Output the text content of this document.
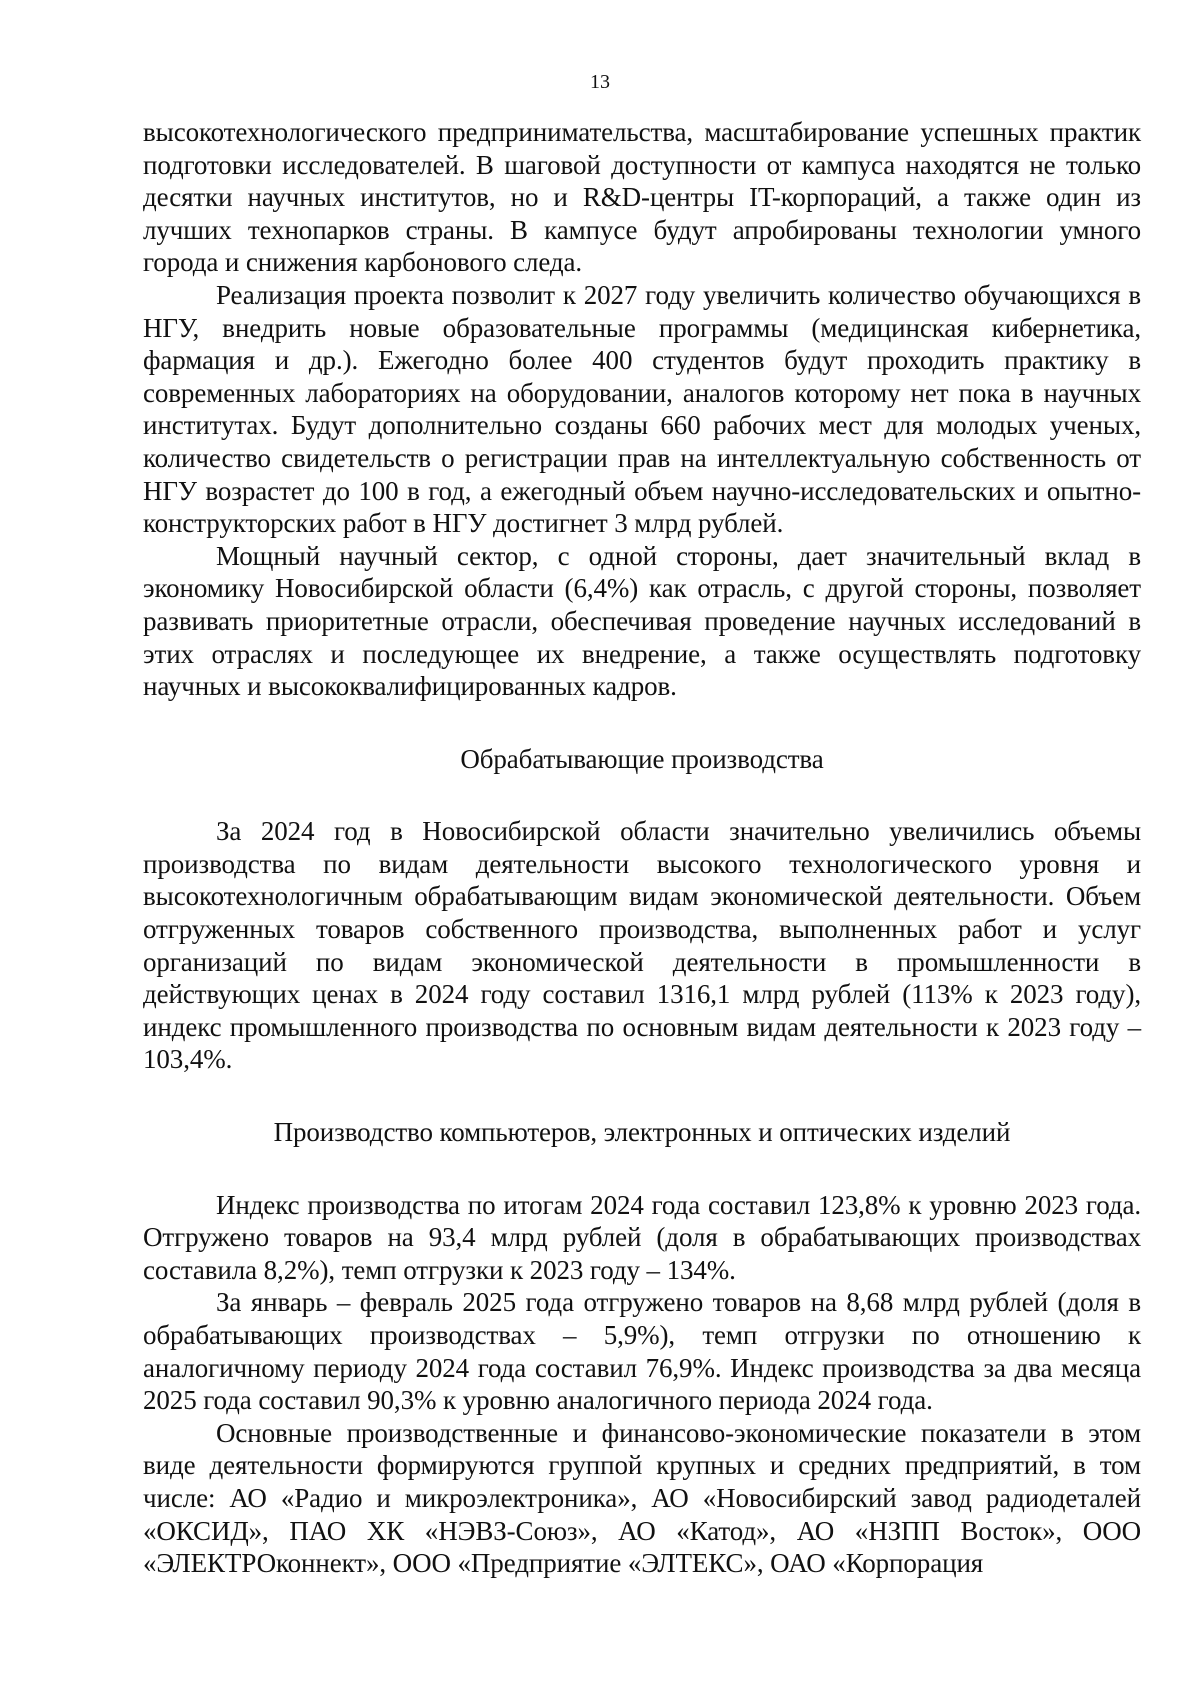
13

высокотехнологического предпринимательства, масштабирование успешных практик подготовки исследователей. В шаговой доступности от кампуса находятся не только десятки научных институтов, но и R&D-центры IT-корпораций, а также один из лучших технопарков страны. В кампусе будут апробированы технологии умного города и снижения карбонового следа.

Реализация проекта позволит к 2027 году увеличить количество обучающихся в НГУ, внедрить новые образовательные программы (медицинская кибернетика, фармация и др.). Ежегодно более 400 студентов будут проходить практику в современных лабораториях на оборудовании, аналогов которому нет пока в научных институтах. Будут дополнительно созданы 660 рабочих мест для молодых ученых, количество свидетельств о регистрации прав на интеллектуальную собственность от НГУ возрастет до 100 в год, а ежегодный объем научно-исследовательских и опытно-конструкторских работ в НГУ достигнет 3 млрд рублей.

Мощный научный сектор, с одной стороны, дает значительный вклад в экономику Новосибирской области (6,4%) как отрасль, с другой стороны, позволяет развивать приоритетные отрасли, обеспечивая проведение научных исследований в этих отраслях и последующее их внедрение, а также осуществлять подготовку научных и высококвалифицированных кадров.

Обрабатывающие производства

За 2024 год в Новосибирской области значительно увеличились объемы производства по видам деятельности высокого технологического уровня и высокотехнологичным обрабатывающим видам экономической деятельности. Объем отгруженных товаров собственного производства, выполненных работ и услуг организаций по видам экономической деятельности в промышленности в действующих ценах в 2024 году составил 1316,1 млрд рублей (113% к 2023 году), индекс промышленного производства по основным видам деятельности к 2023 году – 103,4%.

Производство компьютеров, электронных и оптических изделий

Индекс производства по итогам 2024 года составил 123,8% к уровню 2023 года. Отгружено товаров на 93,4 млрд рублей (доля в обрабатывающих производствах составила 8,2%), темп отгрузки к 2023 году – 134%.

За январь – февраль 2025 года отгружено товаров на 8,68 млрд рублей (доля в обрабатывающих производствах – 5,9%), темп отгрузки по отношению к аналогичному периоду 2024 года составил 76,9%. Индекс производства за два месяца 2025 года составил 90,3% к уровню аналогичного периода 2024 года.

Основные производственные и финансово-экономические показатели в этом виде деятельности формируются группой крупных и средних предприятий, в том числе: АО «Радио и микроэлектроника», АО «Новосибирский завод радиодеталей «ОКСИД», ПАО ХК «НЭВЗ-Союз», АО «Катод», АО «НЗПП Восток», ООО «ЭЛЕКТРОконнект», ООО «Предприятие «ЭЛТЕКС», ОАО «Корпорация
